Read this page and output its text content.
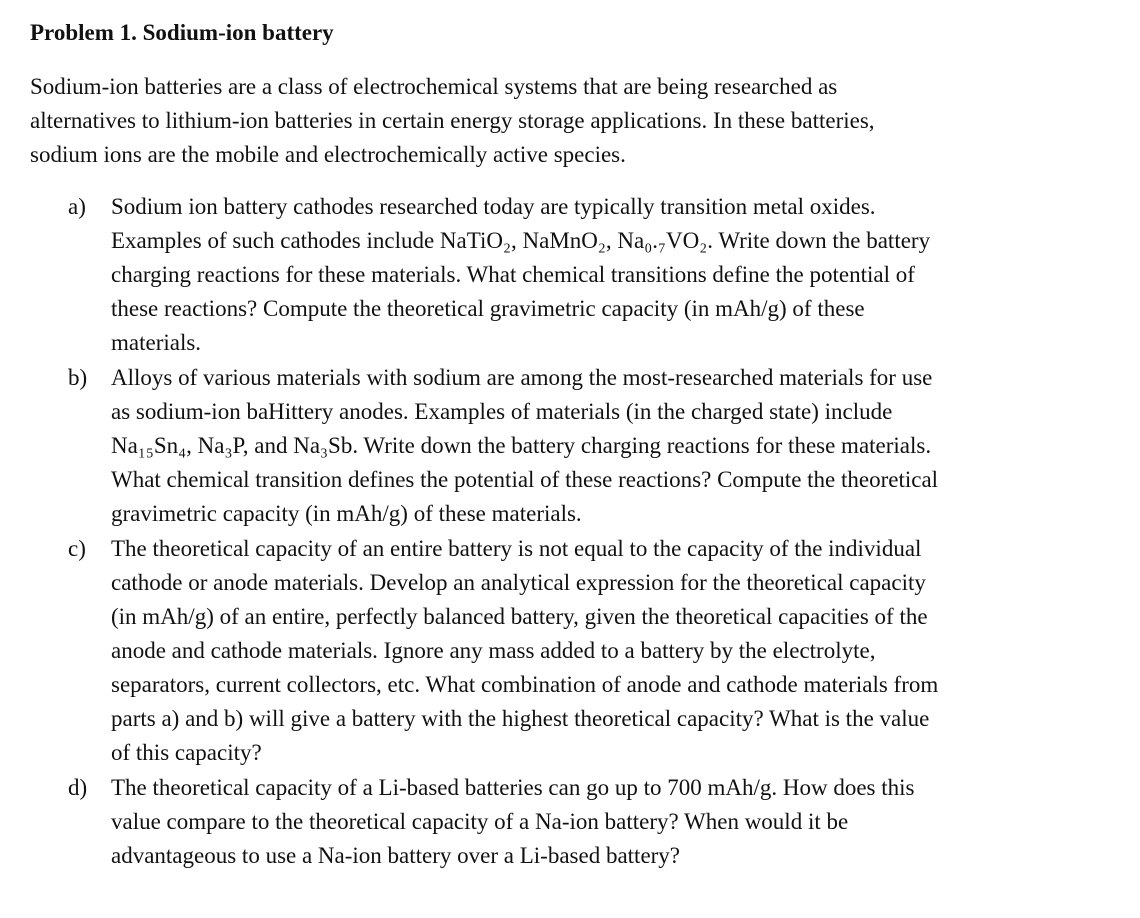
Problem 1. Sodium-ion battery
Sodium-ion batteries are a class of electrochemical systems that are being researched as
alternatives to lithium-ion batteries in certain energy storage applications. In these batteries,
sodium ions are the mobile and electrochemically active species.
a)	Sodium ion battery cathodes researched today are typically transition metal oxides.
Examples of such cathodes include NaTiO₂, NaMnO₂, Na₀.₇VO₂. Write down the battery
charging reactions for these materials. What chemical transitions define the potential of
these reactions? Compute the theoretical gravimetric capacity (in mAh/g) of these
materials.
b)	Alloys of various materials with sodium are among the most-researched materials for use
as sodium-ion baHittery anodes. Examples of materials (in the charged state) include
Na₁₅Sn₄, Na₃P, and Na₃Sb. Write down the battery charging reactions for these materials.
What chemical transition defines the potential of these reactions? Compute the theoretical
gravimetric capacity (in mAh/g) of these materials.
c)	The theoretical capacity of an entire battery is not equal to the capacity of the individual
cathode or anode materials. Develop an analytical expression for the theoretical capacity
(in mAh/g) of an entire, perfectly balanced battery, given the theoretical capacities of the
anode and cathode materials. Ignore any mass added to a battery by the electrolyte,
separators, current collectors, etc. What combination of anode and cathode materials from
parts a) and b) will give a battery with the highest theoretical capacity? What is the value
of this capacity?
d)	The theoretical capacity of a Li-based batteries can go up to 700 mAh/g. How does this
value compare to the theoretical capacity of a Na-ion battery? When would it be
advantageous to use a Na-ion battery over a Li-based battery?
